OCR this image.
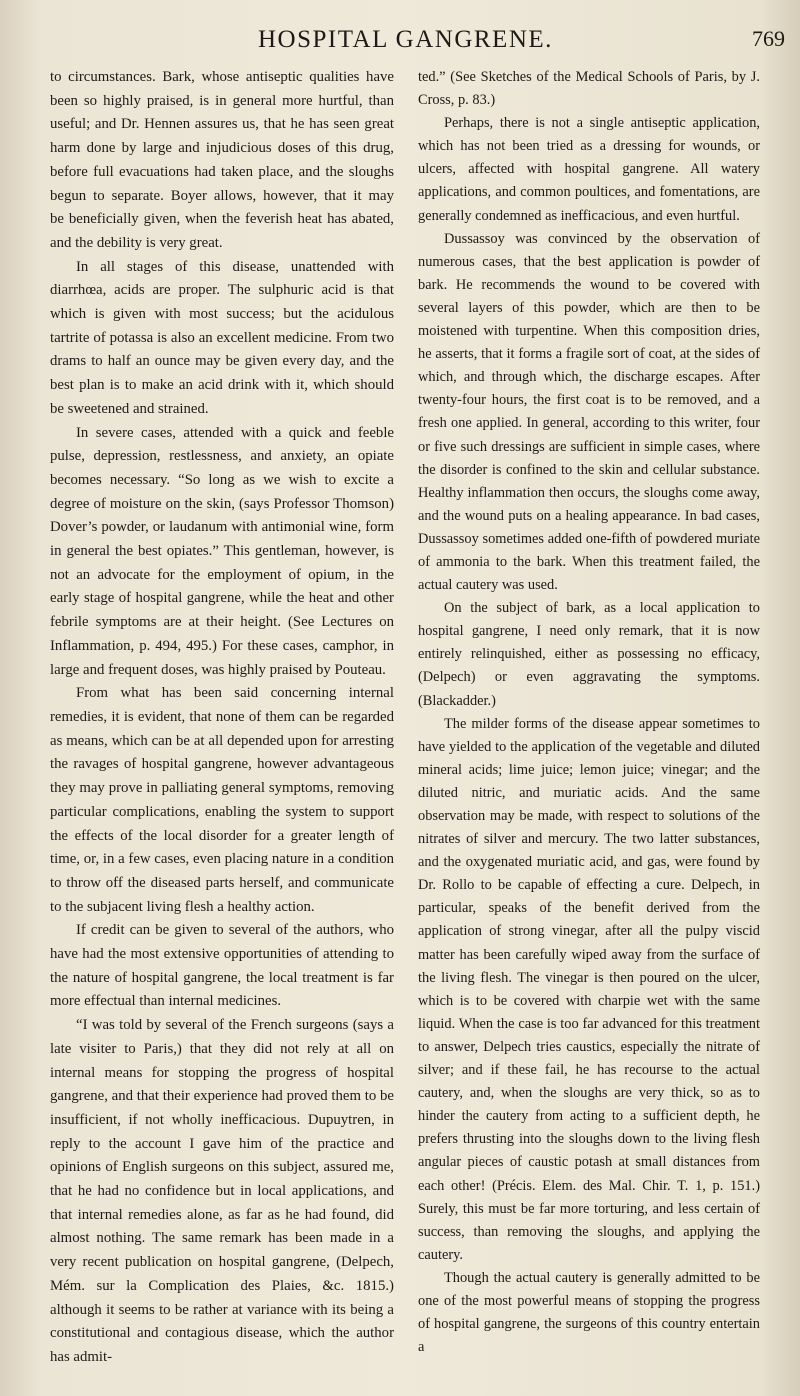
HOSPITAL GANGRENE.	769

to circumstances. Bark, whose antiseptic qualities have been so highly praised, is in general more hurtful, than useful; and Dr. Hennen assures us, that he has seen great harm done by large and injudicious doses of this drug, before full evacuations had taken place, and the sloughs begun to separate. Boyer allows, however, that it may be beneficially given, when the feverish heat has abated, and the debility is very great.

In all stages of this disease, unattended with diarrhœa, acids are proper. The sulphuric acid is that which is given with most success; but the acidulous tartrite of potassa is also an excellent medicine. From two drams to half an ounce may be given every day, and the best plan is to make an acid drink with it, which should be sweetened and strained.

In severe cases, attended with a quick and feeble pulse, depression, restlessness, and anxiety, an opiate becomes necessary. “So long as we wish to excite a degree of moisture on the skin, (says Professor Thomson) Dover’s powder, or laudanum with antimonial wine, form in general the best opiates.” This gentleman, however, is not an advocate for the employment of opium, in the early stage of hospital gangrene, while the heat and other febrile symptoms are at their height. (See Lectures on Inflammation, p. 494, 495.) For these cases, camphor, in large and frequent doses, was highly praised by Pouteau.

From what has been said concerning internal remedies, it is evident, that none of them can be regarded as means, which can be at all depended upon for arresting the ravages of hospital gangrene, however advantageous they may prove in palliating general symptoms, removing particular complications, enabling the system to support the effects of the local disorder for a greater length of time, or, in a few cases, even placing nature in a condition to throw off the diseased parts herself, and communicate to the subjacent living flesh a healthy action.

If credit can be given to several of the authors, who have had the most extensive opportunities of attending to the nature of hospital gangrene, the local treatment is far more effectual than internal medicines.

“I was told by several of the French surgeons (says a late visiter to Paris,) that they did not rely at all on internal means for stopping the progress of hospital gangrene, and that their experience had proved them to be insufficient, if not wholly inefficacious. Dupuytren, in reply to the account I gave him of the practice and opinions of English surgeons on this subject, assured me, that he had no confidence but in local applications, and that internal remedies alone, as far as he had found, did almost nothing. The same remark has been made in a very recent publication on hospital gangrene, (Delpech, Mém. sur la Complication des Plaies, &c. 1815.) although it seems to be rather at variance with its being a constitutional and contagious disease, which the author has admit-

ted.” (See Sketches of the Medical Schools of Paris, by J. Cross, p. 83.)

Perhaps, there is not a single antiseptic application, which has not been tried as a dressing for wounds, or ulcers, affected with hospital gangrene. All watery applications, and common poultices, and fomentations, are generally condemned as inefficacious, and even hurtful.

Dussassoy was convinced by the observation of numerous cases, that the best application is powder of bark. He recommends the wound to be covered with several layers of this powder, which are then to be moistened with turpentine. When this composition dries, he asserts, that it forms a fragile sort of coat, at the sides of which, and through which, the discharge escapes. After twenty-four hours, the first coat is to be removed, and a fresh one applied. In general, according to this writer, four or five such dressings are sufficient in simple cases, where the disorder is confined to the skin and cellular substance. Healthy inflammation then occurs, the sloughs come away, and the wound puts on a healing appearance. In bad cases, Dussassoy sometimes added one-fifth of powdered muriate of ammonia to the bark. When this treatment failed, the actual cautery was used.

On the subject of bark, as a local application to hospital gangrene, I need only remark, that it is now entirely relinquished, either as possessing no efficacy, (Delpech) or even aggravating the symptoms. (Blackadder.)

The milder forms of the disease appear sometimes to have yielded to the application of the vegetable and diluted mineral acids; lime juice; lemon juice; vinegar; and the diluted nitric, and muriatic acids. And the same observation may be made, with respect to solutions of the nitrates of silver and mercury. The two latter substances, and the oxygenated muriatic acid, and gas, were found by Dr. Rollo to be capable of effecting a cure. Delpech, in particular, speaks of the benefit derived from the application of strong vinegar, after all the pulpy viscid matter has been carefully wiped away from the surface of the living flesh. The vinegar is then poured on the ulcer, which is to be covered with charpie wet with the same liquid. When the case is too far advanced for this treatment to answer, Delpech tries caustics, especially the nitrate of silver; and if these fail, he has recourse to the actual cautery, and, when the sloughs are very thick, so as to hinder the cautery from acting to a sufficient depth, he prefers thrusting into the sloughs down to the living flesh angular pieces of caustic potash at small distances from each other! (Précis. Elem. des Mal. Chir. T. 1, p. 151.) Surely, this must be far more torturing, and less certain of success, than removing the sloughs, and applying the cautery.

Though the actual cautery is generally admitted to be one of the most powerful means of stopping the progress of hospital gangrene, the surgeons of this country entertain a
